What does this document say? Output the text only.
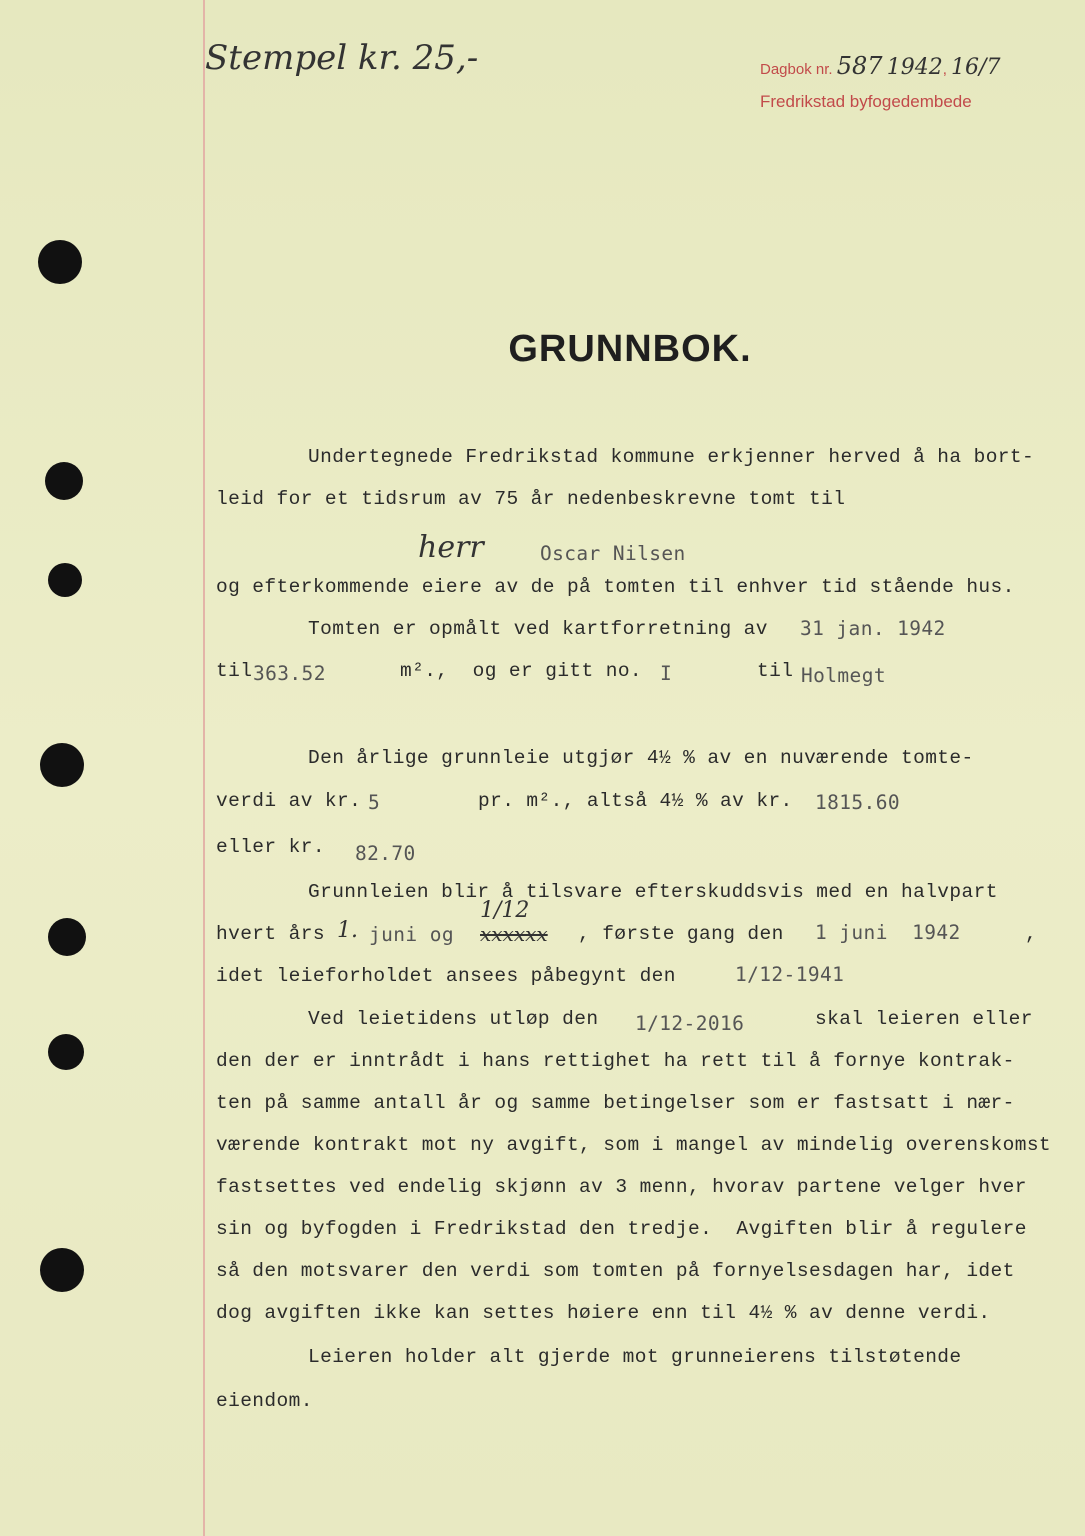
Stempel kr. 25,-	Dagbok nr. 587 1942, 16/7
Fredrikstad byfogedembede
GRUNNBOK.
Undertegnede Fredrikstad kommune erkjenner herved å ha bort-
leid for et tidsrum av 75 år nedenbeskrevne tomt til
herr	Oscar Nilsen
og efterkommende eiere av de på tomten til enhver tid stående hus.
Tomten er opmålt ved kartforretning av 31 jan. 1942
til 363.52	m².,  og er gitt no. I	til Holmegt
Den årlige grunnleie utgjør 4½ % av en nuværende tomte-
verdi av kr. 5	pr. m²., altså 4½ % av kr. 1815.60
eller kr. 82.70
Grunnleien blir å tilsvare efterskuddsvis med en halvpart
1/12
hvert års 1. juni og xxxxxx , første gang den 1 juni  1942	,
idet leieforholdet ansees påbegynt den	1/12-1941
Ved leietidens utløp den 1/12-2016	skal leieren eller
den der er inntrådt i hans rettighet ha rett til å fornye kontrak-
ten på samme antall år og samme betingelser som er fastsatt i nær-
værende kontrakt mot ny avgift, som i mangel av mindelig overenskomst
fastsettes ved endelig skjønn av 3 menn, hvorav partene velger hver
sin og byfogden i Fredrikstad den tredje.  Avgiften blir å regulere
så den motsvarer den verdi som tomten på fornyelsesdagen har, idet
dog avgiften ikke kan settes høiere enn til 4½ % av denne verdi.
Leieren holder alt gjerde mot grunneierens tilstøtende
eiendom.
